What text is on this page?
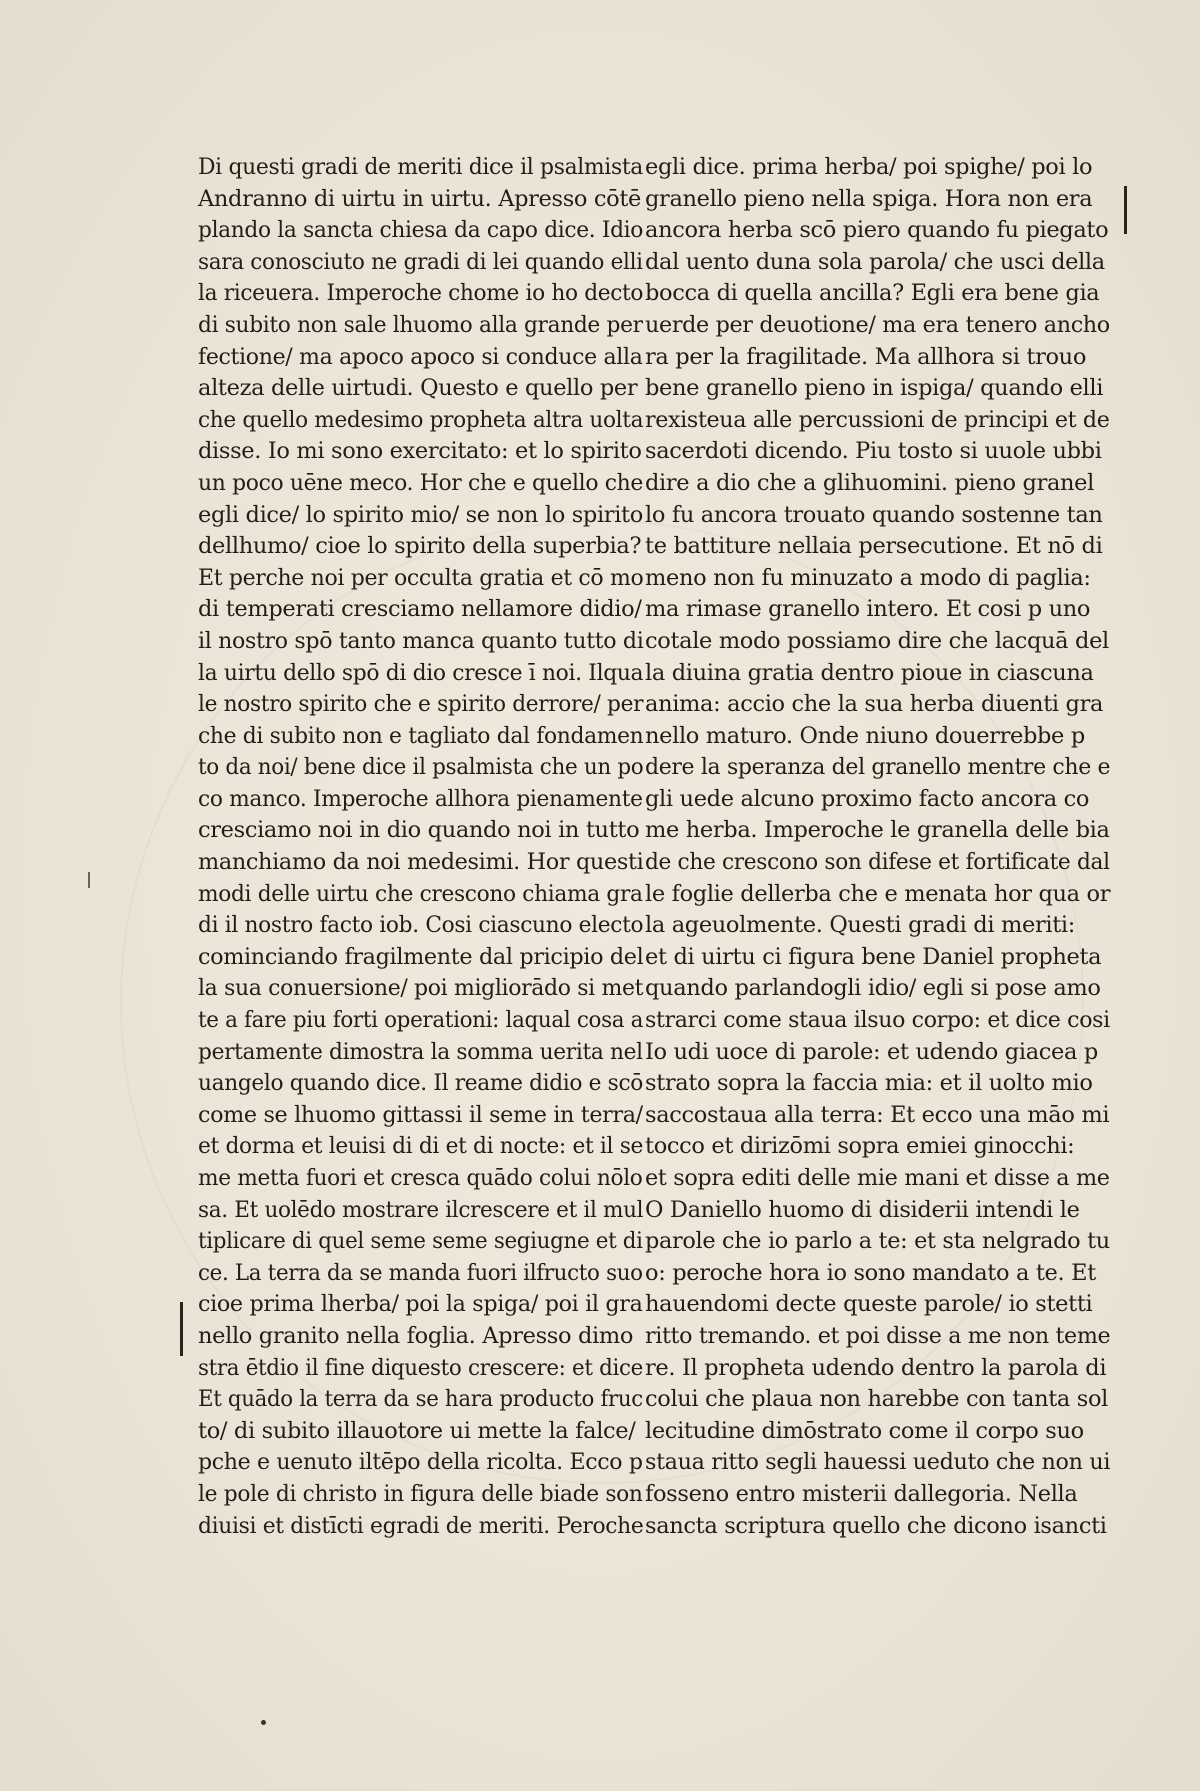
Di questi gradi de meriti dice il psalmista
Andranno di uirtu in uirtu. Apresso cōtē
plando la sancta chiesa da capo dice. Idio
sara conosciuto ne gradi di lei quando elli
la riceuera. Imperoche chome io ho decto
di subito non sale lhuomo alla grande per
fectione/ ma apoco apoco si conduce alla
alteza delle uirtudi. Questo e quello per
che quello medesimo propheta altra uolta
disse. Io mi sono exercitato: et lo spirito
un poco uēne meco. Hor che e quello che
egli dice/ lo spirito mio/ se non lo spirito
dellhumo/ cioe lo spirito della superbia?
Et perche noi per occulta gratia et cō mo
di temperati cresciamo nellamore didio/
il nostro spō tanto manca quanto tutto di
la uirtu dello spō di dio cresce ī noi. Ilqua
le nostro spirito che e spirito derrore/ per
che di subito non e tagliato dal fondamen
to da noi/ bene dice il psalmista che un po
co manco. Imperoche allhora pienamente
cresciamo noi in dio quando noi in tutto
manchiamo da noi medesimi. Hor questi
modi delle uirtu che crescono chiama gra
di il nostro facto iob. Cosi ciascuno electo
cominciando fragilmente dal pricipio del
la sua conuersione/ poi migliorādo si met
te a fare piu forti operationi: laqual cosa a
pertamente dimostra la somma uerita nel
uangelo quando dice. Il reame didio e scō
come se lhuomo gittassi il seme in terra/
et dorma et leuisi di di et di nocte: et il se
me metta fuori et cresca quādo colui nōlo
sa. Et uolēdo mostrare ilcrescere et il mul
tiplicare di quel seme seme segiugne et di
ce. La terra da se manda fuori ilfructo suo
cioe prima lherba/ poi la spiga/ poi il gra
nello granito nella foglia. Apresso dimo
stra ētdio il fine diquesto crescere: et dice
Et quādo la terra da se hara producto fruc
to/ di subito illauotore ui mette la falce/
pche e uenuto iltēpo della ricolta. Ecco p
le pole di christo in figura delle biade son
diuisi et distīcti egradi de meriti. Peroche
egli dice. prima herba/ poi spighe/ poi lo
granello pieno nella spiga. Hora non era
ancora herba scō piero quando fu piegato
dal uento duna sola parola/ che usci della
bocca di quella ancilla? Egli era bene gia
uerde per deuotione/ ma era tenero ancho
ra per la fragilitade. Ma allhora si trouo
bene granello pieno in ispiga/ quando elli
rexisteua alle percussioni de principi et de
sacerdoti dicendo. Piu tosto si uuole ubbi
dire a dio che a glihuomini. pieno granel
lo fu ancora trouato quando sostenne tan
te battiture nellaia persecutione. Et nō di
meno non fu minuzato a modo di paglia:
ma rimase granello intero. Et cosi p uno
cotale modo possiamo dire che lacquā del
la diuina gratia dentro pioue in ciascuna
anima: accio che la sua herba diuenti gra
nello maturo. Onde niuno douerrebbe p
dere la speranza del granello mentre che e
gli uede alcuno proximo facto ancora co
me herba. Imperoche le granella delle bia
de che crescono son difese et fortificate dal
le foglie dellerba che e menata hor qua or
la ageuolmente. Questi gradi di meriti:
et di uirtu ci figura bene Daniel propheta
quando parlandogli idio/ egli si pose amo
strarci come staua ilsuo corpo: et dice cosi
Io udi uoce di parole: et udendo giacea p
strato sopra la faccia mia: et il uolto mio
saccostaua alla terra: Et ecco una māo mi
tocco et dirizōmi sopra emiei ginocchi:
et sopra editi delle mie mani et disse a me
O Daniello huomo di disiderii intendi le
parole che io parlo a te: et sta nelgrado tu
o: peroche hora io sono mandato a te. Et
hauendomi decte queste parole/ io stetti
ritto tremando. et poi disse a me non teme
re. Il propheta udendo dentro la parola di
colui che plaua non harebbe con tanta sol
lecitudine dimōstrato come il corpo suo
staua ritto segli hauessi ueduto che non ui
fosseno entro misterii dallegoria. Nella
sancta scriptura quello che dicono isancti
